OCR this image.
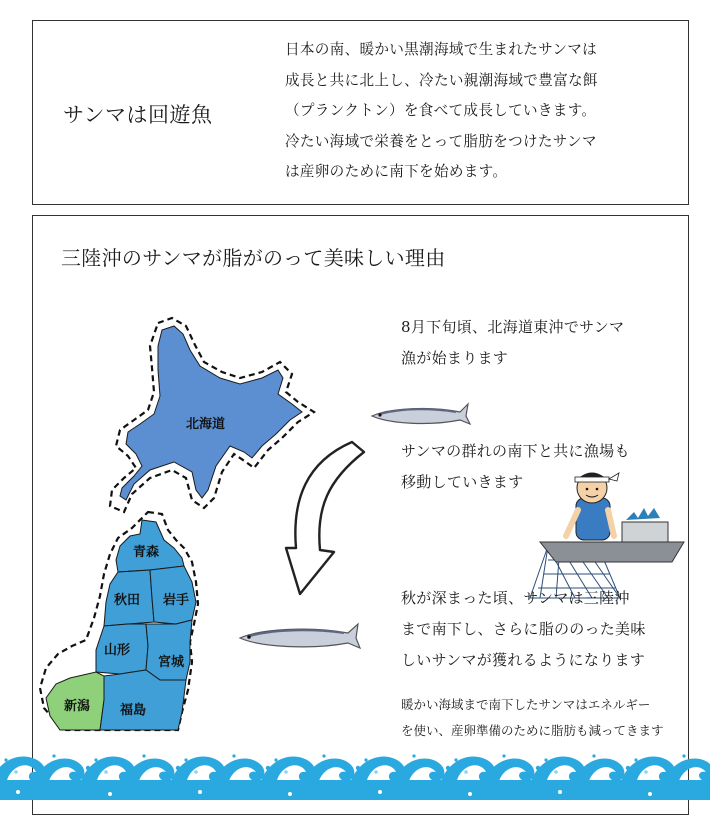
サンマは回遊魚
日本の南、暖かい黒潮海域で生まれたサンマは
成長と共に北上し、冷たい親潮海域で豊富な餌
（プランクトン）を食べて成長していきます。
冷たい海域で栄養をとって脂肪をつけたサンマ
は産卵のために南下を始めます。
三陸沖のサンマが脂がのって美味しい理由
北海道
青森
秋田 岩手
山形
宮城
新潟 福島
8月下旬頃、北海道東沖でサンマ
漁が始まります
サンマの群れの南下と共に漁場も
移動していきます
秋が深まった頃、サンマは三陸沖
まで南下し、さらに脂ののった美味
しいサンマが獲れるようになります
暖かい海域まで南下したサンマはエネルギー
を使い、産卵準備のために脂肪も減ってきます
